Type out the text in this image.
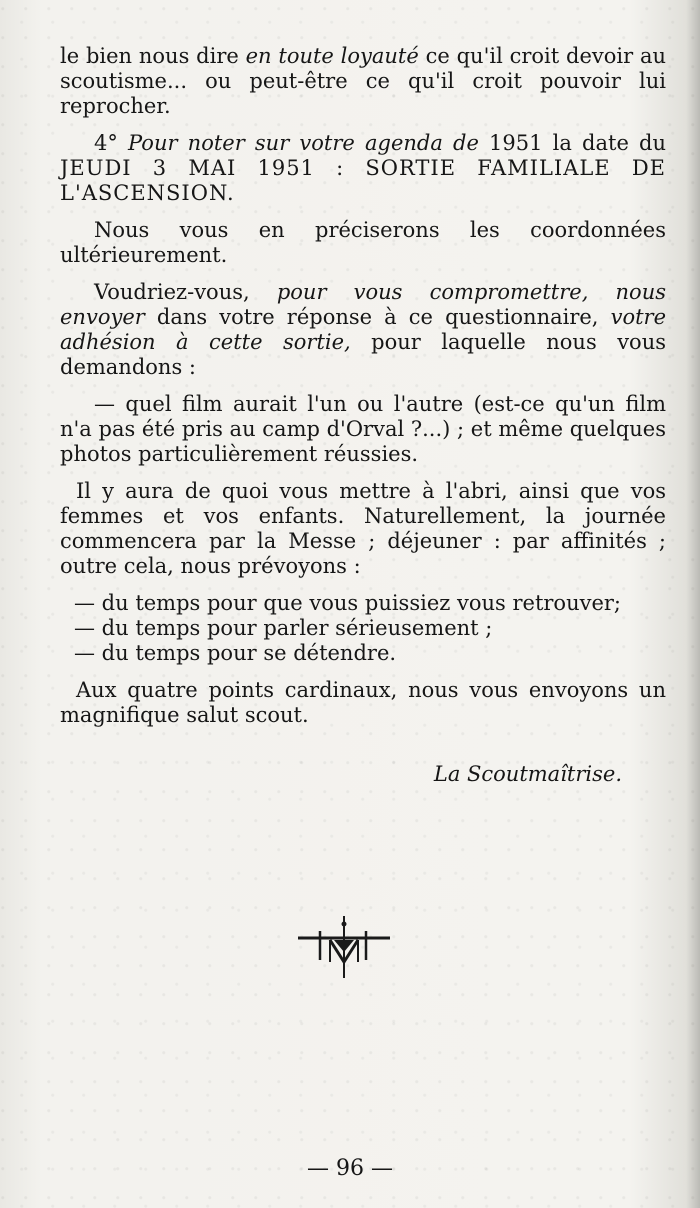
le bien nous dire en toute loyauté ce qu'il croit devoir au scoutisme... ou peut-être ce qu'il croit pouvoir lui reprocher.

4° Pour noter sur votre agenda de 1951 la date du JEUDI 3 MAI 1951 : SORTIE FAMILIALE DE L'ASCENSION.

Nous vous en préciserons les coordonnées ultérieurement.

Voudriez-vous, pour vous compromettre, nous envoyer dans votre réponse à ce questionnaire, votre adhésion à cette sortie, pour laquelle nous vous demandons :

— quel film aurait l'un ou l'autre (est-ce qu'un film n'a pas été pris au camp d'Orval ?...) ; et même quelques photos particulièrement réussies.

Il y aura de quoi vous mettre à l'abri, ainsi que vos femmes et vos enfants. Naturellement, la journée commencera par la Messe ; déjeuner : par affinités ; outre cela, nous prévoyons :

— du temps pour que vous puissiez vous retrouver;
— du temps pour parler sérieusement ;
— du temps pour se détendre.

Aux quatre points cardinaux, nous vous envoyons un magnifique salut scout.

La Scoutmaîtrise.
— 96 —
